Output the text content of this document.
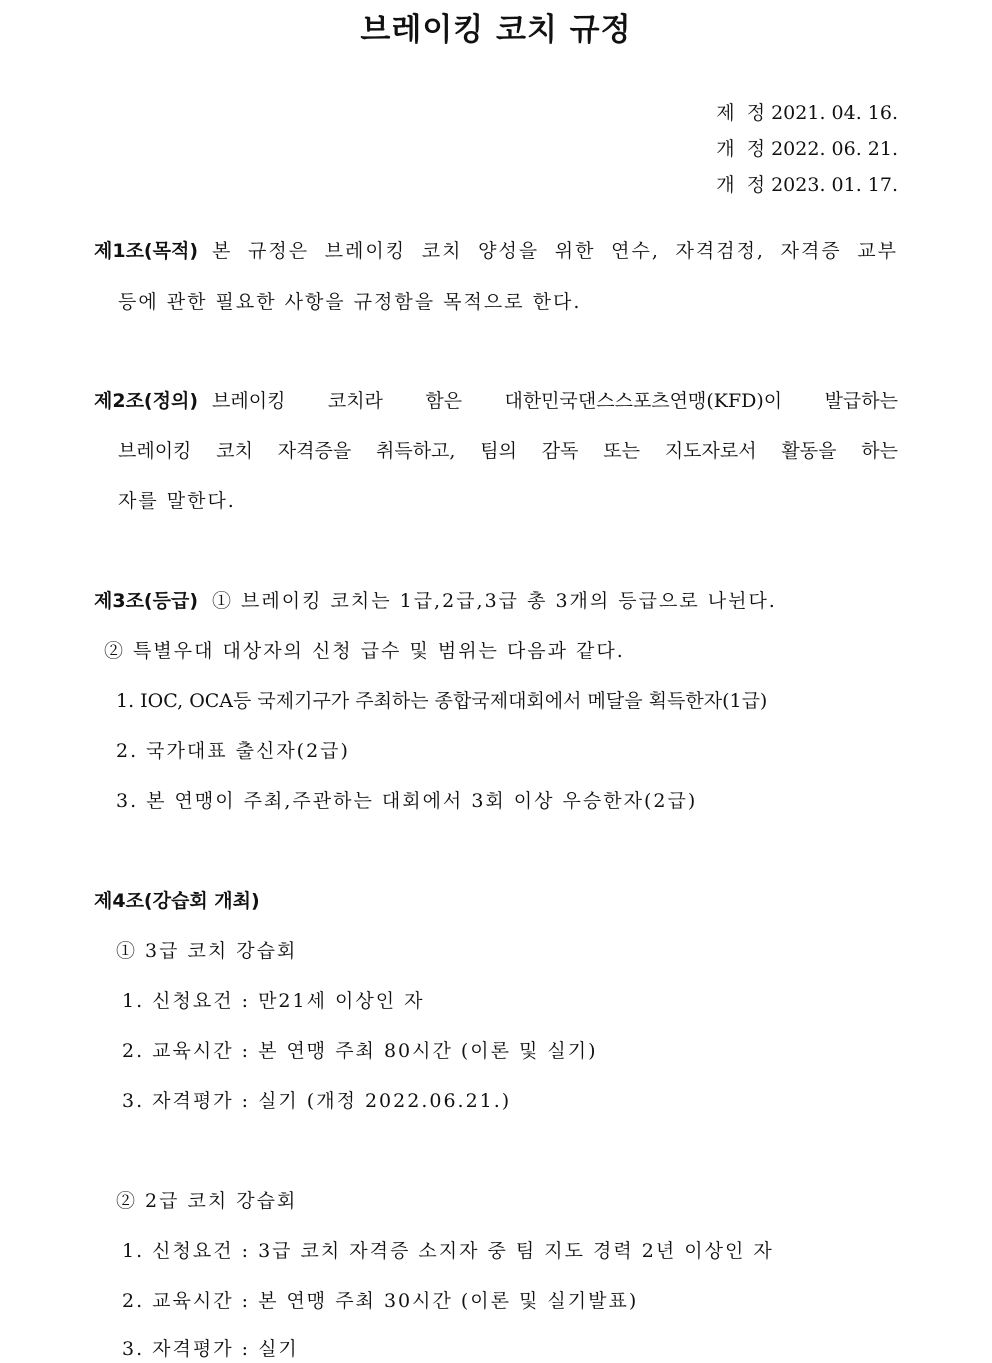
브레이킹 코치 규정
제  정 2021. 04. 16.
개  정 2022. 06. 21.
개  정 2023. 01. 17.
제1조(목적) 본 규정은 브레이킹 코치 양성을 위한 연수, 자격검정, 자격증 교부
등에 관한 필요한 사항을 규정함을 목적으로 한다.
제2조(정의) 브레이킹 코치라 함은 대한민국댄스스포츠연맹(KFD)이 발급하는
브레이킹 코치 자격증을 취득하고, 팀의 감독 또는 지도자로서 활동을 하는
자를 말한다.
제3조(등급) ① 브레이킹 코치는 1급,2급,3급 총 3개의 등급으로 나뉜다.
② 특별우대 대상자의 신청 급수 및 범위는 다음과 같다.
1. IOC, OCA등 국제기구가 주최하는 종합국제대회에서 메달을 획득한자(1급)
2. 국가대표 출신자(2급)
3. 본 연맹이 주최,주관하는 대회에서 3회 이상 우승한자(2급)
제4조(강습회 개최)
① 3급 코치 강습회
1. 신청요건 : 만21세 이상인 자
2. 교육시간 : 본 연맹 주최 80시간 (이론 및 실기)
3. 자격평가 : 실기 (개정 2022.06.21.)
② 2급 코치 강습회
1. 신청요건 : 3급 코치 자격증 소지자 중 팀 지도 경력 2년 이상인 자
2. 교육시간 : 본 연맹 주최 30시간 (이론 및 실기발표)
3. 자격평가 : 실기
